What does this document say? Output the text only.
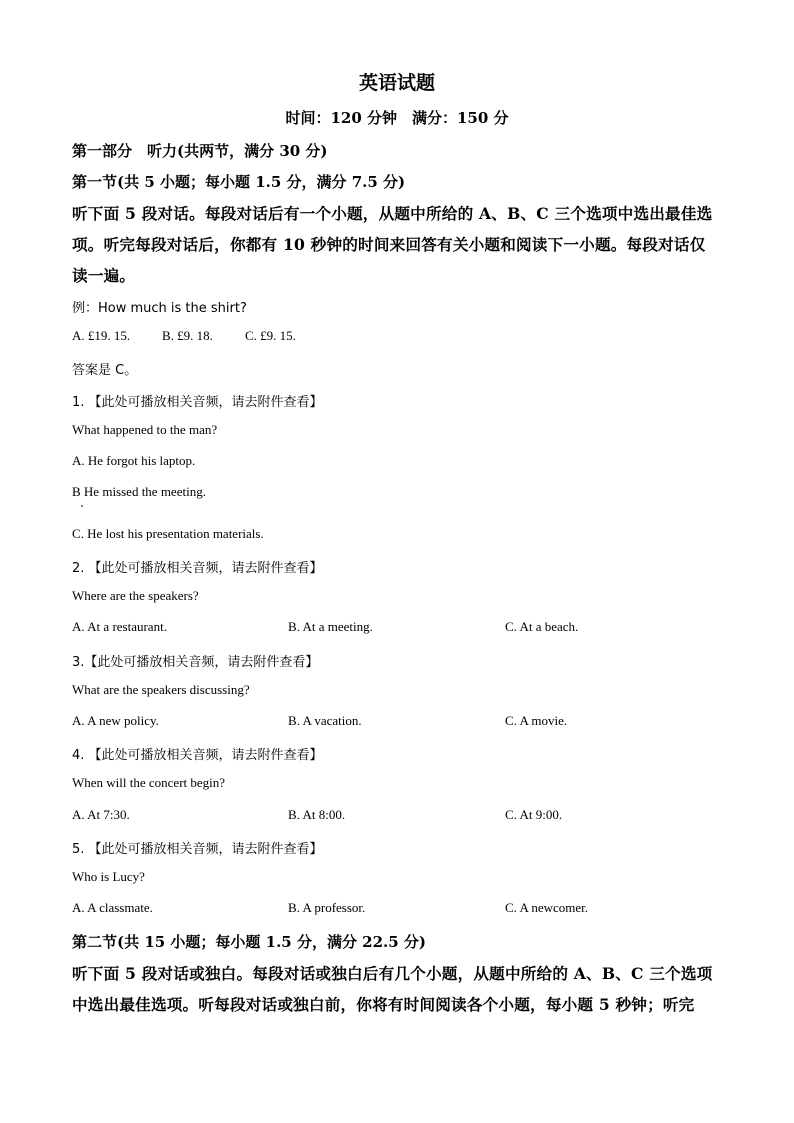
英语试题
时间：120 分钟　满分：150 分
第一部分　听力(共两节，满分 30 分)
第一节(共 5 小题；每小题 1.5 分，满分 7.5 分)
听下面 5 段对话。每段对话后有一个小题，从题中所给的 A、B、C 三个选项中选出最佳选
项。听完每段对话后，你都有 10 秒钟的时间来回答有关小题和阅读下一小题。每段对话仅
读一遍。
例：How much is the shirt?
A. £19. 15. B. £9. 18. C. £9. 15.
答案是 C。
1. 【此处可播放相关音频，请去附件查看】
What happened to the man?
A. He forgot his laptop.
B He missed the meeting.
C. He lost his presentation materials.
2. 【此处可播放相关音频，请去附件查看】
Where are the speakers?
A. At a restaurant.	B. At a meeting.	C. At a beach.
3.【此处可播放相关音频，请去附件查看】
What are the speakers discussing?
A. A new policy.	B. A vacation.	C. A movie.
4. 【此处可播放相关音频，请去附件查看】
When will the concert begin?
A. At 7:30.	B. At 8:00.	C. At 9:00.
5. 【此处可播放相关音频，请去附件查看】
Who is Lucy?
A. A classmate.	B. A professor.	C. A newcomer.
第二节(共 15 小题；每小题 1.5 分，满分 22.5 分)
听下面 5 段对话或独白。每段对话或独白后有几个小题，从题中所给的 A、B、C 三个选项
中选出最佳选项。听每段对话或独白前，你将有时间阅读各个小题，每小题 5 秒钟；听完
